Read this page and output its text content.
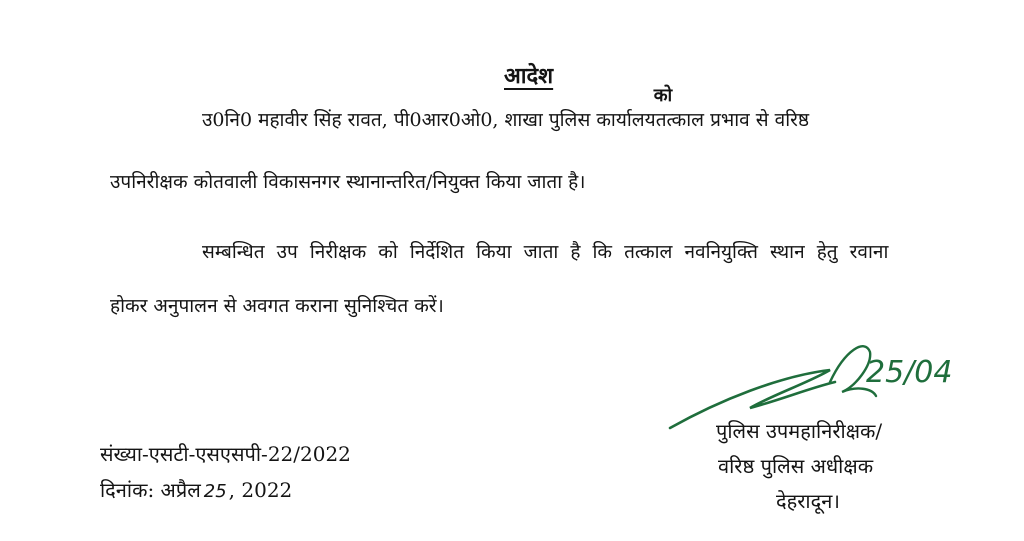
आदेश
उ0नि0 महावीर सिंह रावत, पी0आर0ओ0, शाखा पुलिस कार्यालय
को
तत्काल प्रभाव से वरिष्ठ
उपनिरीक्षक कोतवाली विकासनगर स्थानान्तरित/नियुक्त किया जाता है।
सम्बन्धित उप निरीक्षक को निर्देशित किया जाता है कि तत्काल नवनियुक्ति स्थान हेतु रवाना
होकर अनुपालन से अवगत कराना सुनिश्चित करें।
संख्या-एसटी-एसएसपी-22/2022
दिनांक: अप्रैल 25 , 2022
25/04
पुलिस उपमहानिरीक्षक/
वरिष्ठ पुलिस अधीक्षक
देहरादून।
